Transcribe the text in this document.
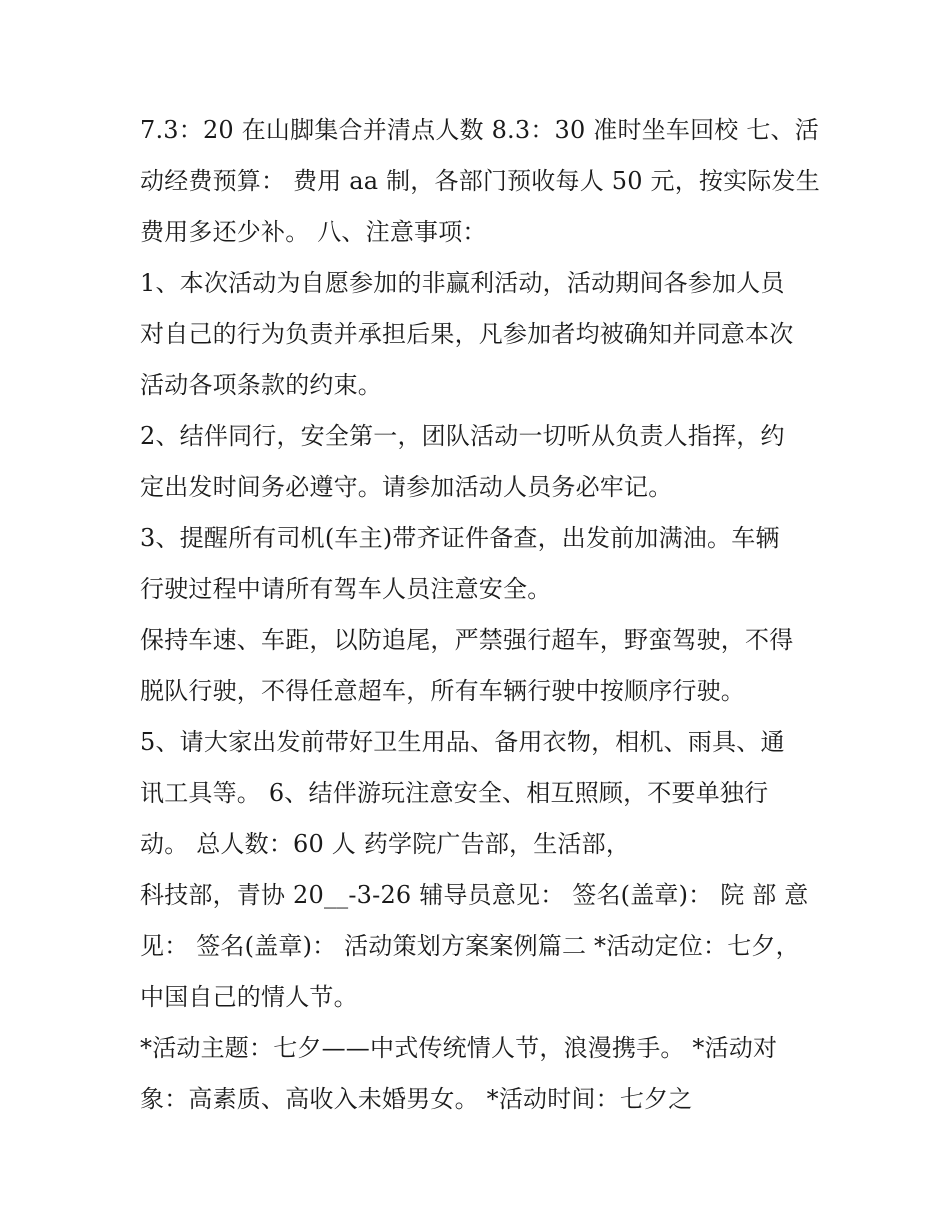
7.3：20 在山脚集合并清点人数 8.3：30 准时坐车回校 七、活
动经费预算： 费用 aa 制，各部门预收每人 50 元，按实际发生
费用多还少补。 八、注意事项：
1、本次活动为自愿参加的非赢利活动，活动期间各参加人员
对自己的行为负责并承担后果，凡参加者均被确知并同意本次
活动各项条款的约束。
2、结伴同行，安全第一，团队活动一切听从负责人指挥，约
定出发时间务必遵守。请参加活动人员务必牢记。
3、提醒所有司机(车主)带齐证件备查，出发前加满油。车辆
行驶过程中请所有驾车人员注意安全。
保持车速、车距，以防追尾，严禁强行超车，野蛮驾驶，不得
脱队行驶，不得任意超车，所有车辆行驶中按顺序行驶。
5、请大家出发前带好卫生用品、备用衣物，相机、雨具、通
讯工具等。 6、结伴游玩注意安全、相互照顾，不要单独行
动。 总人数：60 人 药学院广告部，生活部，
科技部，青协 20__-3-26 辅导员意见： 签名(盖章)： 院 部 意
见： 签名(盖章)： 活动策划方案案例篇二 *活动定位：七夕，
中国自己的情人节。
*活动主题：七夕——中式传统情人节，浪漫携手。 *活动对
象：高素质、高收入未婚男女。 *活动时间：七夕之
